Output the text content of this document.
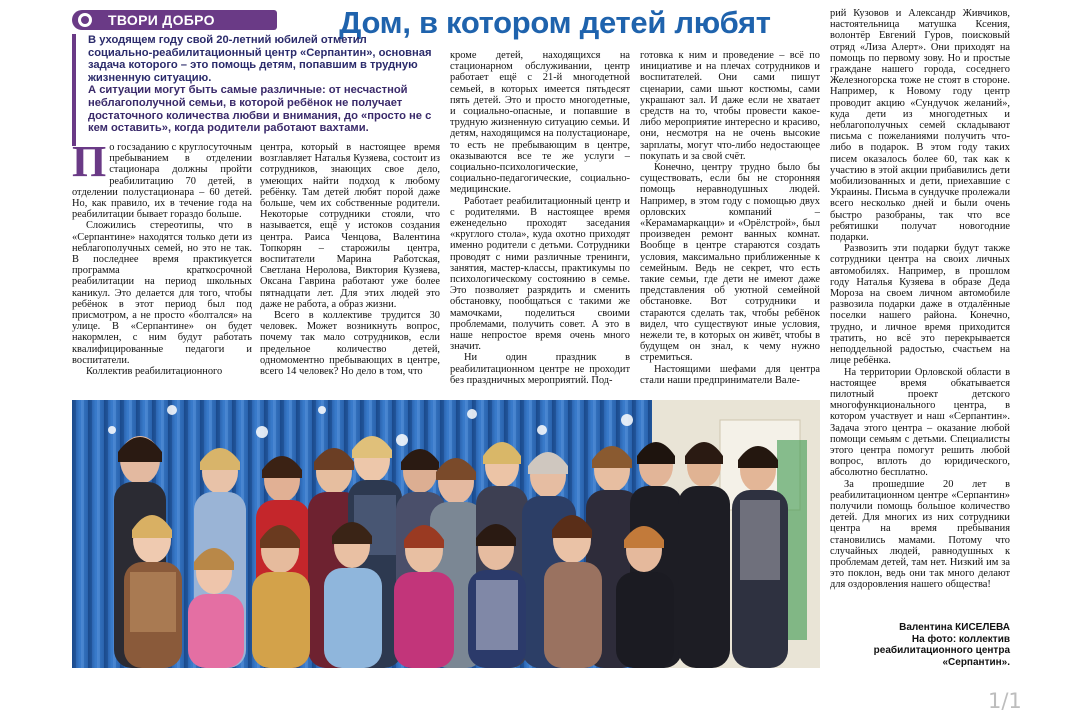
ТВОРИ ДОБРО	Дом, в котором детей любят

В уходящем году свой 20-летний юбилей отметил социально-реабилитационный центр «Серпантин», основная задача которого – это помощь детям, попавшим в трудную жизненную ситуацию.

А ситуации могут быть самые различные: от несчастной неблагополучной семьи, в которой ребёнок не получает достаточного количества любви и внимания, до «просто не с кем оставить», когда родители работают вахтами.

По госзаданию с круглосуточным пребыванием в отделении стационара должны пройти реабилитацию 70 детей, в отделении полустационара – 60 детей. Но, как правило, их в течение года на реабилитации бывает гораздо больше.

Сложились стереотипы, что в «Серпантине» находятся только дети из неблагополучных семей, но это не так. В последнее время практикуется программа краткосрочной реабилитации на период школьных каникул. Это делается для того, чтобы ребёнок в этот период был под присмотром, а не просто «болтался» на улице. В «Серпантине» он будет накормлен, с ним будут работать квалифицированные педагоги и воспитатели.

Коллектив реабилитационного

центра, который в настоящее время возглавляет Наталья Кузяева, состоит из сотрудников, знающих свое дело, умеющих найти подход к любому ребёнку. Там детей любят порой даже больше, чем их собственные родители. Некоторые сотрудники стояли, что называется, ещё у истоков создания центра. Раиса Ченцова, Валентина Топкорян – старожилы центра, воспитатели Марина Работская, Светлана Неролова, Виктория Кузяева, Оксана Гаврина работают уже более пятнадцати лет. Для этих людей это даже не работа, а образ жизни.

Всего в коллективе трудится 30 человек. Может возникнуть вопрос, почему так мало сотрудников, если предельное количество детей, одномоментно пребывающих в центре, всего 14 человек? Но дело в том, что

кроме детей, находящихся на стационарном обслуживании, центр работает ещё с 21-й многодетной семьей, в которых имеется пятьдесят пять детей. Это и просто многодетные, и социально-опасные, и попавшие в трудную жизненную ситуацию семьи. И детям, находящимся на полустационаре, то есть не пребывающим в центре, оказываются все те же услуги – социально-психологические, социально-педагогические, социально-медицинские.

Работает реабилитационный центр и с родителями. В настоящее время еженедельно проходят заседания «круглого стола», куда охотно приходят именно родители с детьми. Сотрудники проводят с ними различные тренинги, занятия, мастер-классы, практикумы по психологическому состоянию в семье. Это позволяет разрядить и сменить обстановку, пообщаться с такими же мамочками, поделиться своими проблемами, получить совет. А это в наше непростое время очень много значит.

Ни один праздник в реабилитационном центре не проходит без праздничных мероприятий. Под-

готовка к ним и проведение – всё по инициативе и на плечах сотрудников и воспитателей. Они сами пишут сценарии, сами шьют костюмы, сами украшают зал. И даже если не хватает средств на то, чтобы провести какое-либо мероприятие интересно и красиво, они, несмотря на не очень высокие зарплаты, могут что-либо недостающее покупать и за свой счёт.

Конечно, центру трудно было бы существовать, если бы не сторонняя помощь неравнодушных людей. Например, в этом году с помощью двух орловских компаний – «Керамамаркацци» и «Орёлстрой», был произведен ремонт ванных комнат. Вообще в центре стараются создать условия, максимально приближенные к семейным. Ведь не секрет, что есть такие семьи, где дети не имеют даже представления об уютной семейной обстановке. Вот сотрудники и стараются сделать так, чтобы ребёнок видел, что существуют иные условия, нежели те, в которых он живёт, чтобы в будущем он знал, к чему нужно стремиться.

Настоящими шефами для центра стали наши предприниматели Вале-

рий Кузовов и Александр Живчиков, настоятельница матушка Ксения, волонтёр Евгений Гуров, поисковый отряд «Лиза Алерт». Они приходят на помощь по первому зову. Но и простые граждане нашего города, соседнего Железногорска тоже не стоят в стороне. Например, к Новому году центр проводит акцию «Сундучок желаний», куда дети из многодетных и неблагополучных семей складывают письма с пожеланиями получить что-либо в подарок. В этом году таких писем оказалось более 60, так как к участию в этой акции прибавились дети мобилизованных и дети, приехавшие с Украины. Письма в сундучке пролежали всего несколько дней и были очень быстро разобраны, так что все ребятишки получат новогодние подарки.

Развозить эти подарки будут также сотрудники центра на своих личных автомобилях. Например, в прошлом году Наталья Кузяева в образе Деда Мороза на своем личном автомобиле развозила подарки даже в отдалённые поселки нашего района. Конечно, трудно, и личное время приходится тратить, но всё это перекрывается неподдельной радостью, счастьем на лице ребёнка.

На территории Орловской области в настоящее время обкатывается пилотный проект детского многофункционального центра, в котором участвует и наш «Серпантин». Задача этого центра – оказание любой помощи семьям с детьми. Специалисты этого центра помогут решить любой вопрос, вплоть до юридического, абсолютно бесплатно.

За прошедшие 20 лет в реабилитационном центре «Серпантин» получили помощь большое количество детей. Для многих из них сотрудники центра на время пребывания становились мамами. Потому что случайных людей, равнодушных к проблемам детей, там нет. Низкий им за это поклон, ведь они так много делают для оздоровления нашего общества!

Валентина КИСЕЛЕВА
На фото: коллектив
реабилитационного центра
«Серпантин».
1/1
